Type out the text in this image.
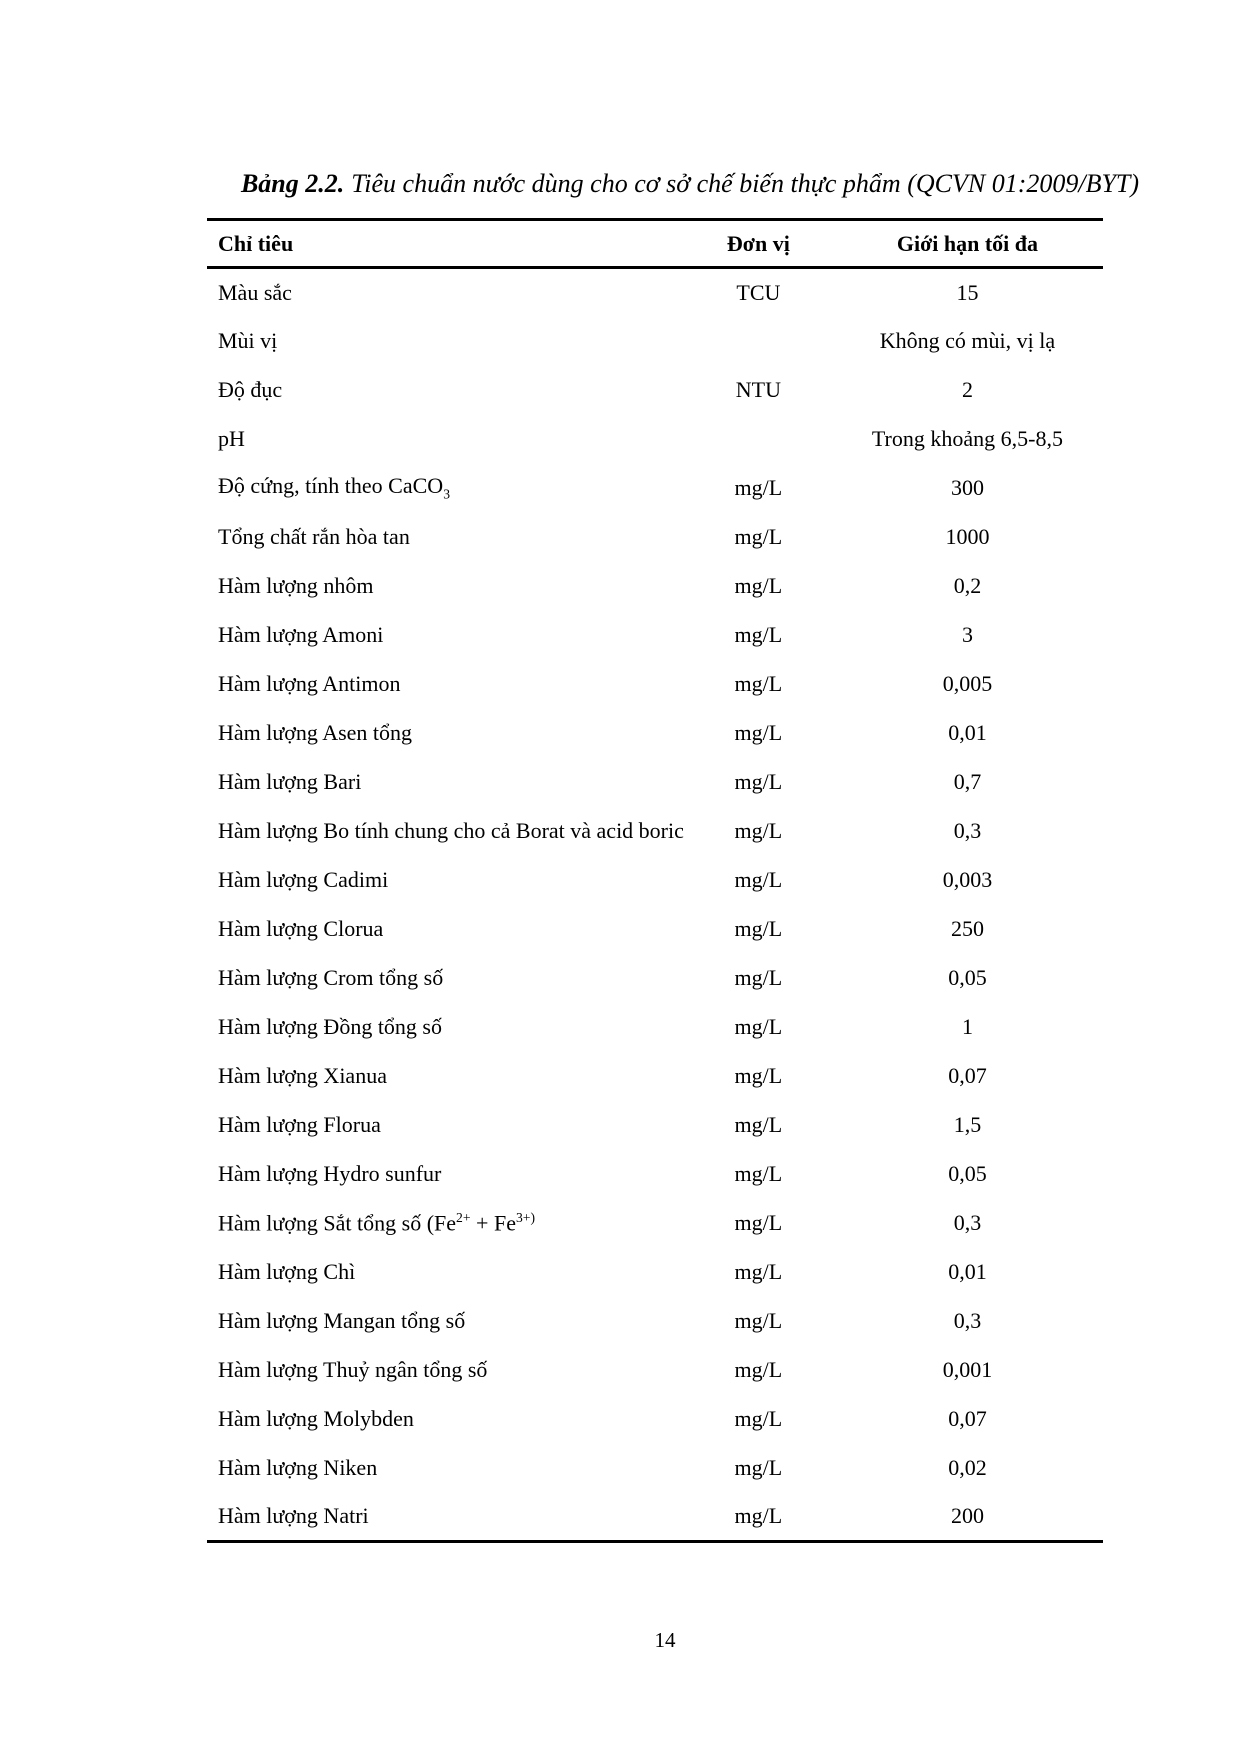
Bảng 2.2. Tiêu chuẩn nước dùng cho cơ sở chế biến thực phẩm (QCVN 01:2009/BYT)
Chỉ tiêu	Đơn vị	Giới hạn tối đa
Màu sắc	TCU	15
Mùi vị		Không có mùi, vị lạ
Độ đục	NTU	2
pH		Trong khoảng 6,5-8,5
Độ cứng, tính theo CaCO$_3$	mg/L	300
Tổng chất rắn hòa tan	mg/L	1000
Hàm lượng nhôm	mg/L	0,2
Hàm lượng Amoni	mg/L	3
Hàm lượng Antimon	mg/L	0,005
Hàm lượng Asen tổng	mg/L	0,01
Hàm lượng Bari	mg/L	0,7
Hàm lượng Bo tính chung cho cả Borat và acid boric	mg/L	0,3
Hàm lượng Cadimi	mg/L	0,003
Hàm lượng Clorua	mg/L	250
Hàm lượng Crom tổng số	mg/L	0,05
Hàm lượng Đồng tổng số	mg/L	1
Hàm lượng Xianua	mg/L	0,07
Hàm lượng Florua	mg/L	1,5
Hàm lượng Hydro sunfur	mg/L	0,05
Hàm lượng Sắt tổng số ($Fe^{2+} + Fe^{3+)}$	mg/L	0,3
Hàm lượng Chì	mg/L	0,01
Hàm lượng Mangan tổng số	mg/L	0,3
Hàm lượng Thuỷ ngân tổng số	mg/L	0,001
Hàm lượng Molybden	mg/L	0,07
Hàm lượng Niken	mg/L	0,02
Hàm lượng Natri	mg/L	200
14
